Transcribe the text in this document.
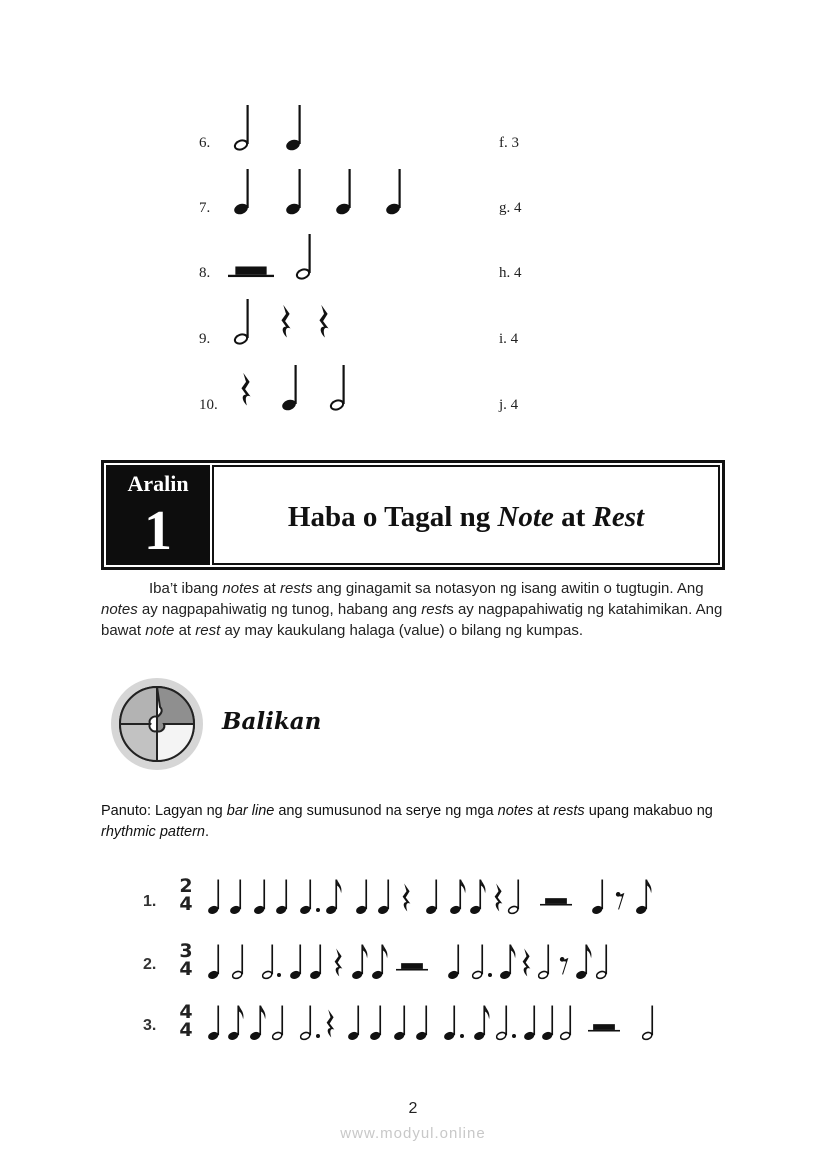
6.	f. 3
7.	g. 4
8.	h. 4
9.	i. 4
10.	j. 4
Aralin
1	Haba o Tagal ng Note at Rest

Iba’t ibang notes at rests ang ginagamit sa notasyon ng isang awitin o tugtugin. Ang notes ay nagpapahiwatig ng tunog, habang ang rests ay nagpapahiwatig ng katahimikan. Ang bawat note at rest ay may kaukulang halaga (value) o bilang ng kumpas.

Balikan
Panuto: Lagyan ng bar line ang sumusunod na serye ng mga notes at rests upang makabuo ng rhythmic pattern.
1.
2
4
2.
3
4
3.
4
4
2
www.modyul.online
